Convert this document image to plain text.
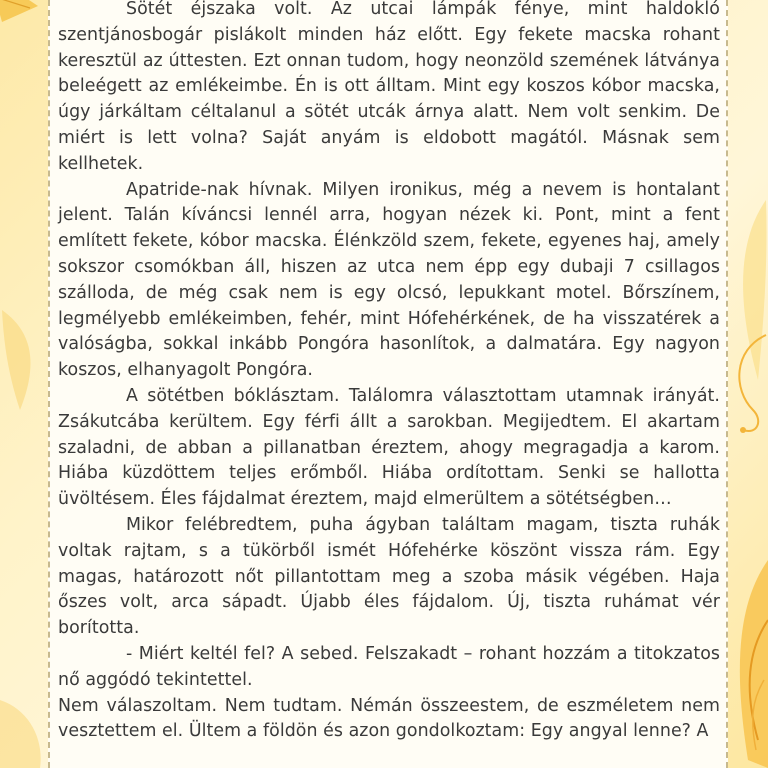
Sötét éjszaka volt. Az utcai lámpák fénye, mint haldokló szentjánosbogár pislákolt minden ház előtt. Egy fekete macska rohant keresztül az úttesten. Ezt onnan tudom, hogy neonzöld szemének látványa beleégett az emlékeimbe. Én is ott álltam. Mint egy koszos kóbor macska, úgy járkáltam céltalanul a sötét utcák árnya alatt. Nem volt senkim. De miért is lett volna? Saját anyám is eldobott magától. Másnak sem kellhetek.

Apatride-nak hívnak. Milyen ironikus, még a nevem is hontalant jelent. Talán kíváncsi lennél arra, hogyan nézek ki. Pont, mint a fent említett fekete, kóbor macska. Élénkzöld szem, fekete, egyenes haj, amely sokszor csomókban áll, hiszen az utca nem épp egy dubaji 7 csillagos szálloda, de még csak nem is egy olcsó, lepukkant motel. Bőrszínem, legmélyebb emlékeimben, fehér, mint Hófehérkének, de ha visszatérek a valóságba, sokkal inkább Pongóra hasonlítok, a dalmatára. Egy nagyon koszos, elhanyagolt Pongóra.

A sötétben bóklásztam. Találomra választottam utamnak irányát. Zsákutcába kerültem. Egy férfi állt a sarokban. Megijedtem. El akartam szaladni, de abban a pillanatban éreztem, ahogy megragadja a karom. Hiába küzdöttem teljes erőmből. Hiába ordítottam. Senki se hallotta üvöltésem. Éles fájdalmat éreztem, majd elmerültem a sötétségben…

Mikor felébredtem, puha ágyban találtam magam, tiszta ruhák voltak rajtam, s a tükörből ismét Hófehérke köszönt vissza rám. Egy magas, határozott nőt pillantottam meg a szoba másik végében. Haja őszes volt, arca sápadt. Újabb éles fájdalom. Új, tiszta ruhámat vér borította.

- Miért keltél fel? A sebed. Felszakadt – rohant hozzám a titokzatos nő aggódó tekintettel.

Nem válaszoltam. Nem tudtam. Némán összeestem, de eszméletem nem vesztettem el. Ültem a földön és azon gondolkoztam: Egy angyal lenne? A
